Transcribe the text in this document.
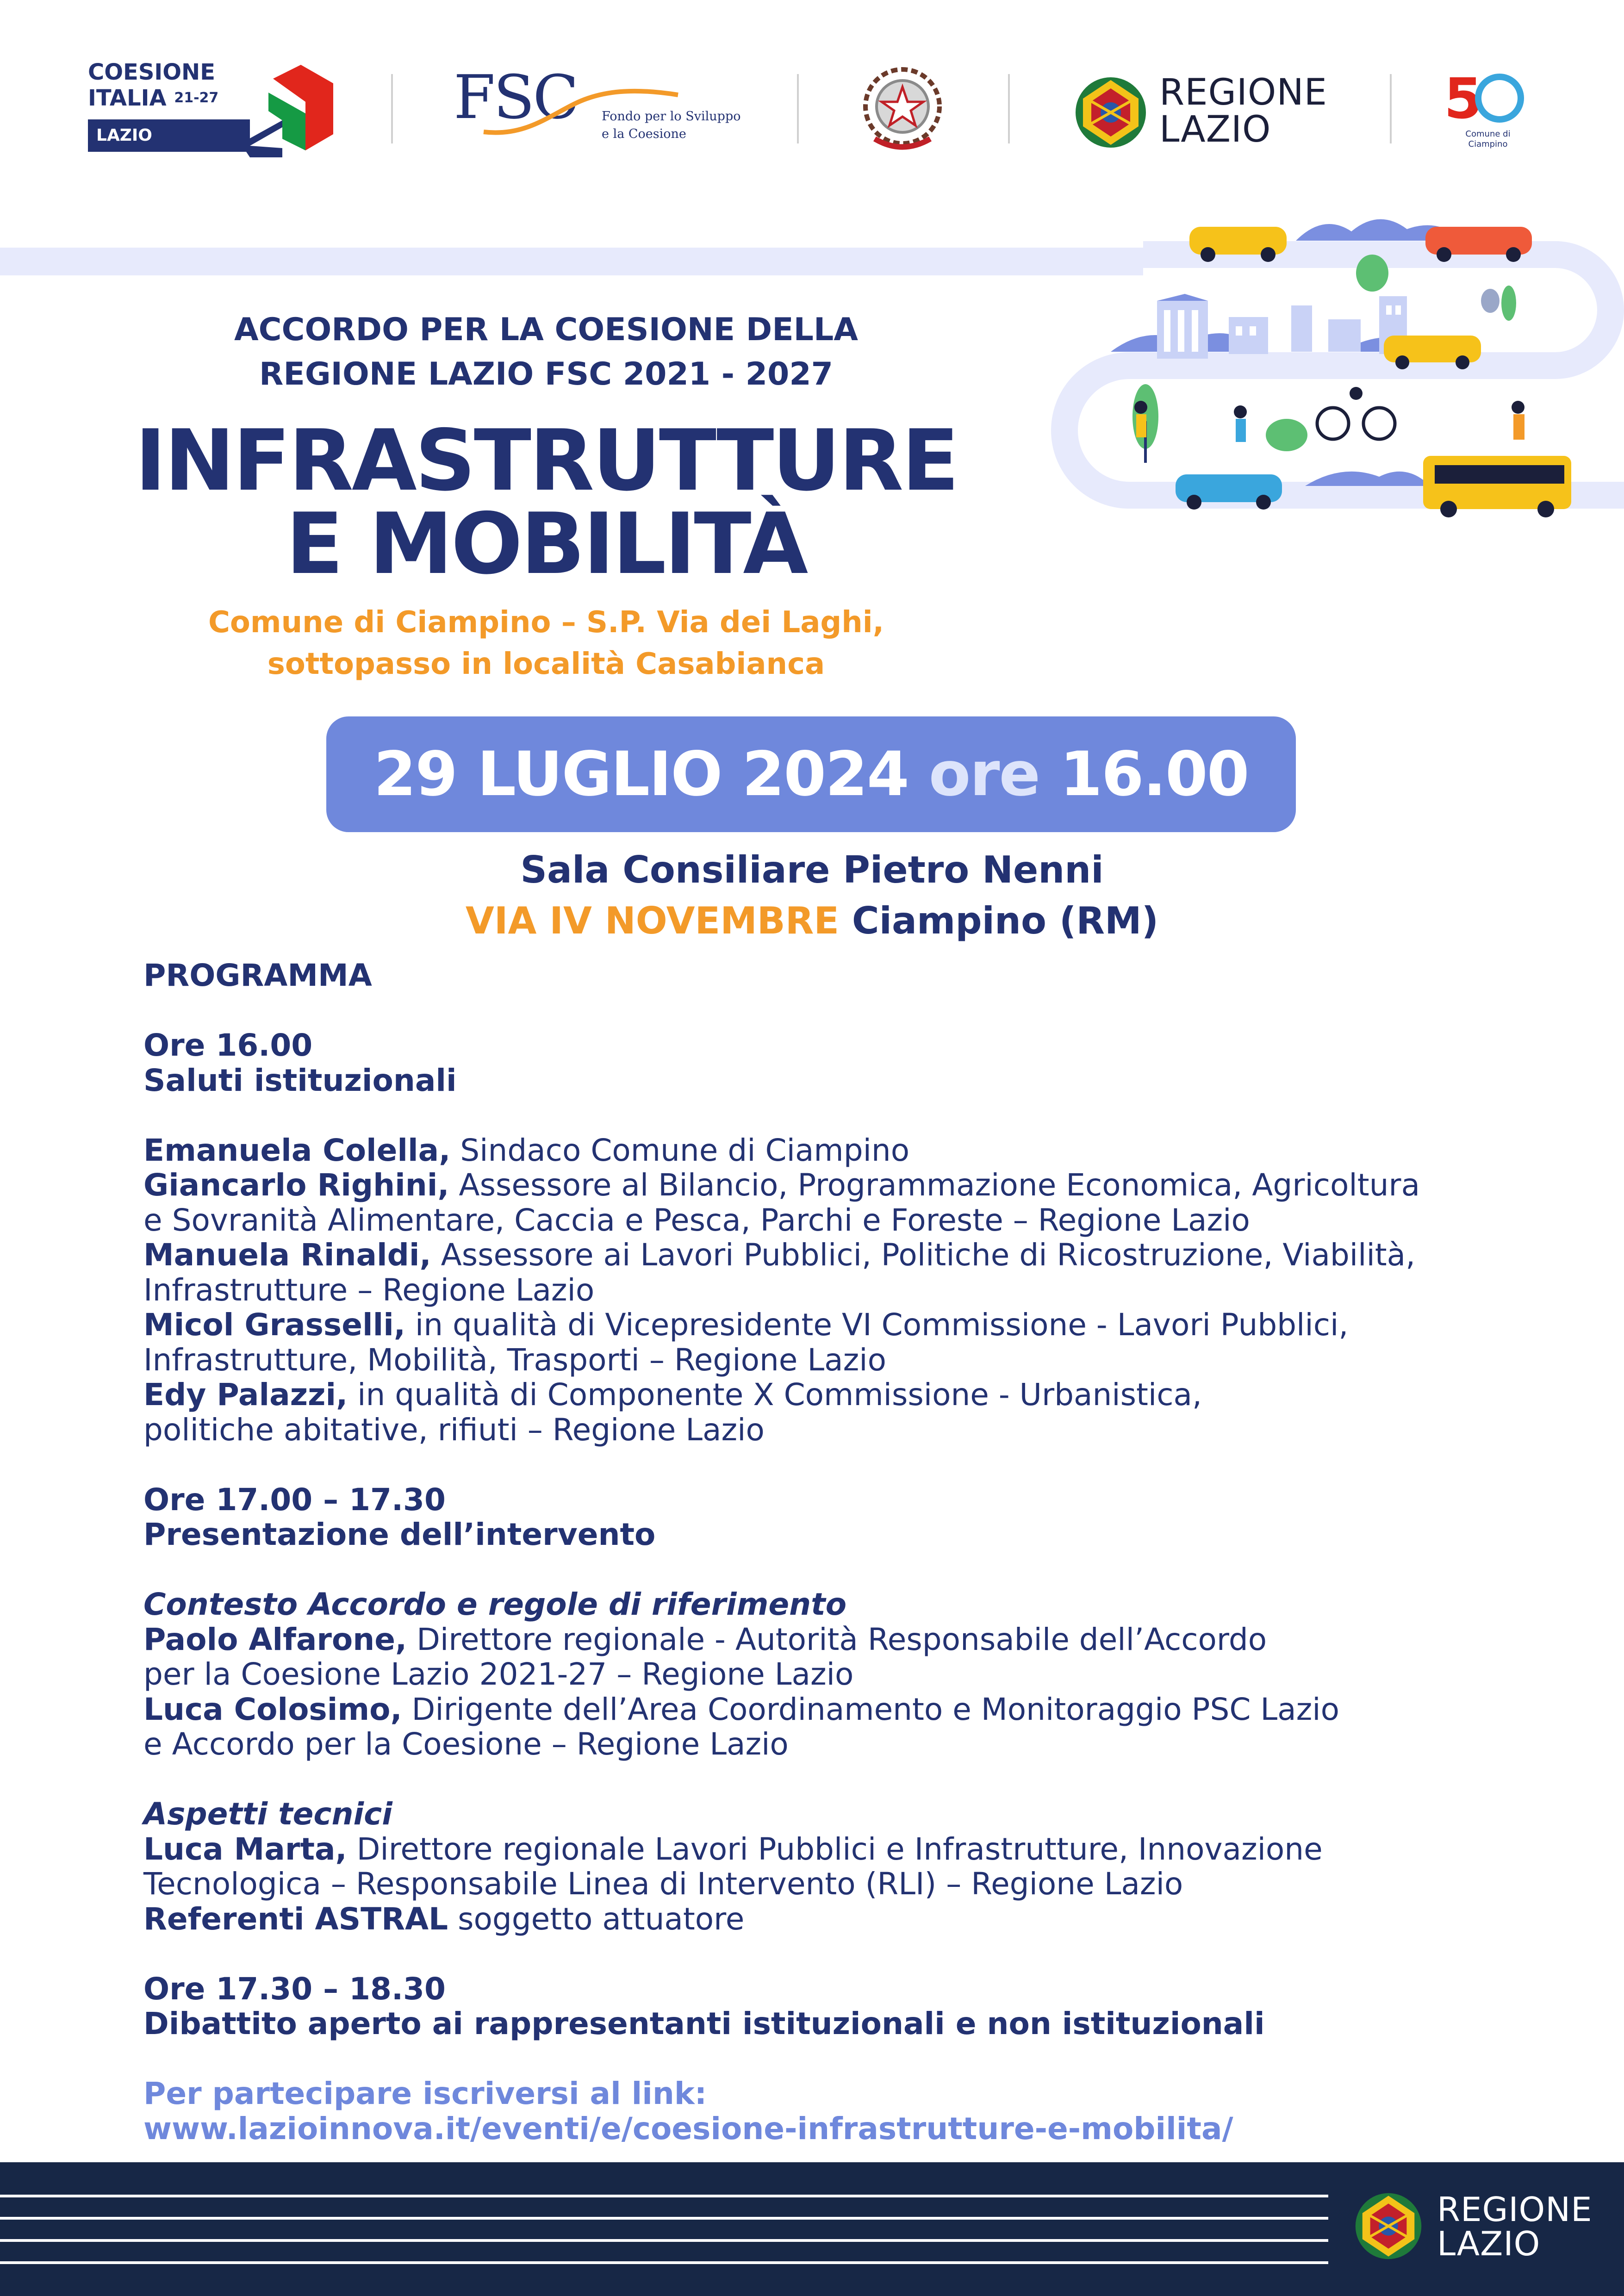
COESIONE
ITALIA $^{21-27}$
LAZIO
FSC	Fondo per lo Sviluppo
e la Coesione
REGIONE
LAZIO	5
Comune di
Ciampino
ACCORDO PER LA COESIONE DELLA
REGIONE LAZIO FSC 2021 - 2027
INFRASTRUTTURE
E MOBILITÀ
Comune di Ciampino – S.P. Via dei Laghi,
sottopasso in località Casabianca
29 LUGLIO 2024 ore 16.00
Sala Consiliare Pietro Nenni
VIA IV NOVEMBRE Ciampino (RM)

PROGRAMMA

Ore 16.00

Saluti istituzionali

Emanuela Colella, Sindaco Comune di Ciampino

Giancarlo Righini, Assessore al Bilancio, Programmazione Economica, Agricoltura

e Sovranità Alimentare, Caccia e Pesca, Parchi e Foreste – Regione Lazio

Manuela Rinaldi, Assessore ai Lavori Pubblici, Politiche di Ricostruzione, Viabilità,

Infrastrutture – Regione Lazio

Micol Grasselli, in qualità di Vicepresidente VI Commissione - Lavori Pubblici,

Infrastrutture, Mobilità, Trasporti – Regione Lazio

Edy Palazzi, in qualità di Componente X Commissione - Urbanistica,

politiche abitative, rifiuti – Regione Lazio

Ore 17.00 – 17.30

Presentazione dell’intervento

Contesto Accordo e regole di riferimento

Paolo Alfarone, Direttore regionale - Autorità Responsabile dell’Accordo

per la Coesione Lazio 2021-27 – Regione Lazio

Luca Colosimo, Dirigente dell’Area Coordinamento e Monitoraggio PSC Lazio

e Accordo per la Coesione – Regione Lazio

Aspetti tecnici

Luca Marta, Direttore regionale Lavori Pubblici e Infrastrutture, Innovazione

Tecnologica – Responsabile Linea di Intervento (RLI) – Regione Lazio

Referenti ASTRAL soggetto attuatore

Ore 17.30 – 18.30

Dibattito aperto ai rappresentanti istituzionali e non istituzionali

Per partecipare iscriversi al link:

www.lazioinnova.it/eventi/e/coesione-infrastrutture-e-mobilita/

REGIONE
LAZIO
